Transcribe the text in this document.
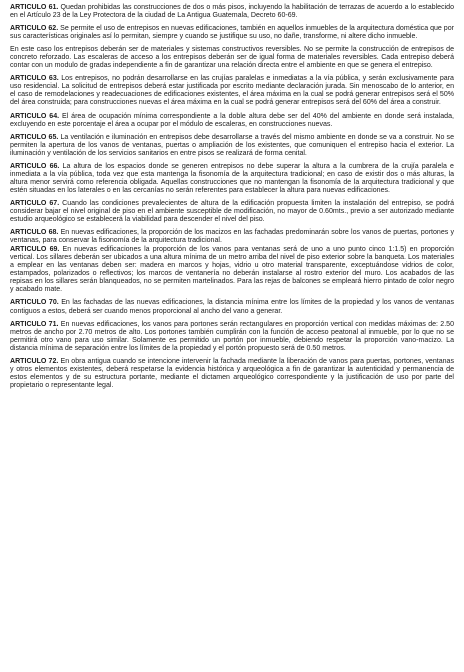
ARTICULO 61. Quedan prohibidas las construcciones de dos o más pisos, incluyendo la habilitación de terrazas de acuerdo a lo establecido en el Artículo 23 de la Ley Protectora de la ciudad de La Antigua Guatemala, Decreto 60-69.

ARTICULO 62. Se permite el uso de entrepisos en nuevas edificaciones, también en aquellos inmuebles de la arquitectura doméstica que por sus características originales así lo permitan, siempre y cuando se justifique su uso, no dañe, transforme, ni altere dicho inmueble.

En este caso los entrepisos deberán ser de materiales y sistemas constructivos reversibles. No se permite la construcción de entrepisos de concreto reforzado. Las escaleras de acceso a los entrepisos deberán ser de igual forma de materiales reversibles. Cada entrepiso deberá contar con un modulo de gradas independiente a fin de garantizar una relación directa entre el ambiente en que se genera el entrepiso.

ARTICULO 63. Los entrepisos, no podrán desarrollarse en las crujías paralelas e inmediatas a la vía pública, y serán exclusivamente para uso residencial. La solicitud de entrepisos deberá estar justificada por escrito mediante declaración jurada. Sin menoscabo de lo anterior, en el caso de remodelaciones y readecuaciones de edificaciones existentes, el área máxima en la cual se podrá generar entrepisos será el 50% del área construida; para construcciones nuevas el área máxima en la cual se podrá generar entrepisos será del 60% del área a construir.

ARTICULO 64. El área de ocupación mínima correspondiente a la doble altura debe ser del 40% del ambiente en donde será instalada, excluyendo en este porcentaje el área a ocupar por el módulo de escaleras, en construcciones nuevas.

ARTICULO 65. La ventilación e iluminación en entrepisos debe desarrollarse a través del mismo ambiente en donde se va a construir. No se permiten la apertura de los vanos de ventanas, puertas o ampliación de los existentes, que comuniquen el entrepiso hacia el exterior. La iluminación y ventilación de los servicios sanitarios en entre pisos se realizará de forma cenital.

ARTICULO 66. La altura de los espacios donde se generen entrepisos no debe superar la altura a la cumbrera de la crujía paralela e inmediata a la vía pública, toda vez que esta mantenga la fisonomía de la arquitectura tradicional; en caso de existir dos o más alturas, la altura menor servirá como referencia obligada. Aquellas construcciones que no mantengan la fisonomía de la arquitectura tradicional y que estén situadas en los laterales o en las cercanías no serán referentes para establecer la altura para nuevas edificaciones.

ARTICULO 67. Cuando las condiciones prevalecientes de altura de la edificación propuesta limiten la instalación del entrepiso, se podrá considerar bajar el nivel original de piso en el ambiente susceptible de modificación, no mayor de 0.60mts., previo a ser autorizado mediante estudio arqueológico se establecerá la viabilidad para descender el nivel del piso.

ARTICULO 68. En nuevas edificaciones, la proporción de los macizos en las fachadas predominarán sobre los vanos de puertas, portones y ventanas, para conservar la fisonomía de la arquitectura tradicional.

ARTICULO 69. En nuevas edificaciones la proporción de los vanos para ventanas será de uno a uno punto cinco 1:1.5) en proporción vertical. Los sillares deberán ser ubicados a una altura mínima de un metro arriba del nivel de piso exterior sobre la banqueta. Los materiales a emplear en las ventanas deben ser: madera en marcos y hojas, vidrio u otro material transparente, exceptuándose vidrios de color, estampados, polarizados o reflectivos; los marcos de ventanería no deberán instalarse al rostro exterior del muro. Los acabados de las repisas en los sillares serán blanqueados, no se permiten martelinados. Para las rejas de balcones se empleará hierro pintado de color negro y acabado mate.

ARTICULO 70. En las fachadas de las nuevas edificaciones, la distancia mínima entre los límites de la propiedad y los vanos de ventanas contiguos a estos, deberá ser cuando menos proporcional al ancho del vano a generar.

ARTICULO 71. En nuevas edificaciones, los vanos para portones serán rectangulares en proporción vertical con medidas máximas de: 2.50 metros de ancho por 2.70 metros de alto. Los portones también cumplirán con la función de acceso peatonal al inmueble, por lo que no se permitirá otro vano para uso similar. Solamente es permitido un portón por inmueble, debiendo respetar la proporción vano-macizo. La distancia mínima de separación entre los límites de la propiedad y el portón propuesto será de 0.50 metros.

ARTICULO 72. En obra antigua cuando se intencione intervenir la fachada mediante la liberación de vanos para puertas, portones, ventanas y otros elementos existentes, deberá respetarse la evidencia histórica y arqueológica a fin de garantizar la autenticidad y permanencia de estos elementos y de su estructura portante, mediante el dictamen arqueológico correspondiente y la justificación de uso por parte del propietario o representante legal.
